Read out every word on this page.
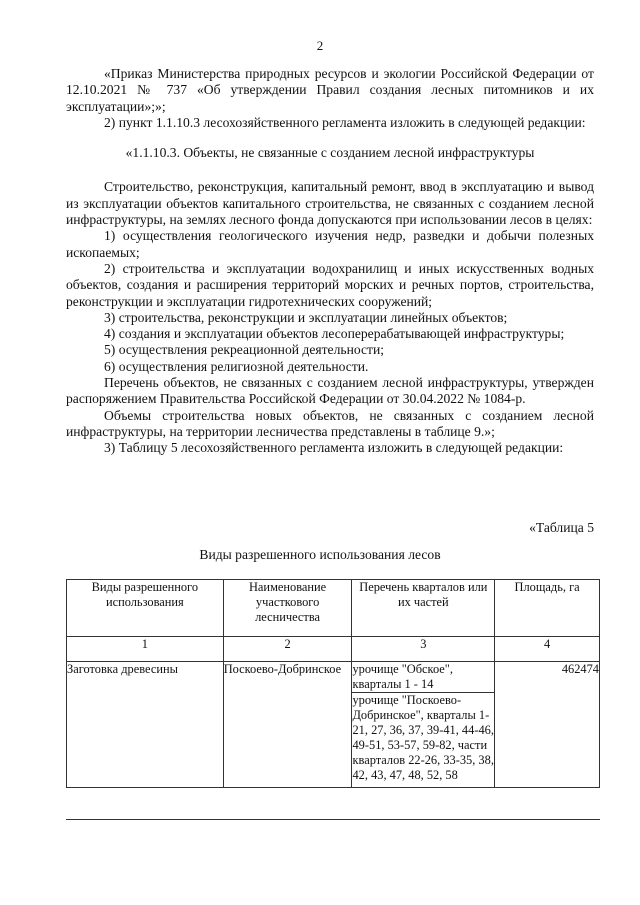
2

«Приказ Министерства природных ресурсов и экологии Российской Федерации от 12.10.2021 № 737 «Об утверждении Правил создания лесных питомников и их эксплуатации»;»;

2) пункт 1.1.10.3 лесохозяйственного регламента изложить в следующей редакции:

«1.1.10.3. Объекты, не связанные с созданием лесной инфраструктуры

Строительство, реконструкция, капитальный ремонт, ввод в эксплуатацию и вывод из эксплуатации объектов капитального строительства, не связанных с созданием лесной инфраструктуры, на землях лесного фонда допускаются при использовании лесов в целях:

1) осуществления геологического изучения недр, разведки и добычи полезных ископаемых;

2) строительства и эксплуатации водохранилищ и иных искусственных водных объектов, создания и расширения территорий морских и речных портов, строительства, реконструкции и эксплуатации гидротехнических сооружений;

3) строительства, реконструкции и эксплуатации линейных объектов;

4) создания и эксплуатации объектов лесоперерабатывающей инфраструктуры;

5) осуществления рекреационной деятельности;

6) осуществления религиозной деятельности.

Перечень объектов, не связанных с созданием лесной инфраструктуры, утвержден распоряжением Правительства Российской Федерации от 30.04.2022 № 1084-р.

Объемы строительства новых объектов, не связанных с созданием лесной инфраструктуры, на территории лесничества представлены в таблице 9.»;

3) Таблицу 5 лесохозяйственного регламента изложить в следующей редакции:

«Таблица 5
Виды разрешенного использования лесов
Виды разрешенного использования	Наименование участкового лесничества	Перечень кварталов или их частей	Площадь, га
1	2	3	4
Заготовка древесины	Поскоево-Добринское	урочище "Обское", кварталы 1 - 14	462474
		урочище "Поскоево-Добринское", кварталы 1-21, 27, 36, 37, 39-41, 44-46, 49-51, 53-57, 59-82, части кварталов 22-26, 33-35, 38, 42, 43, 47, 48, 52, 58	
